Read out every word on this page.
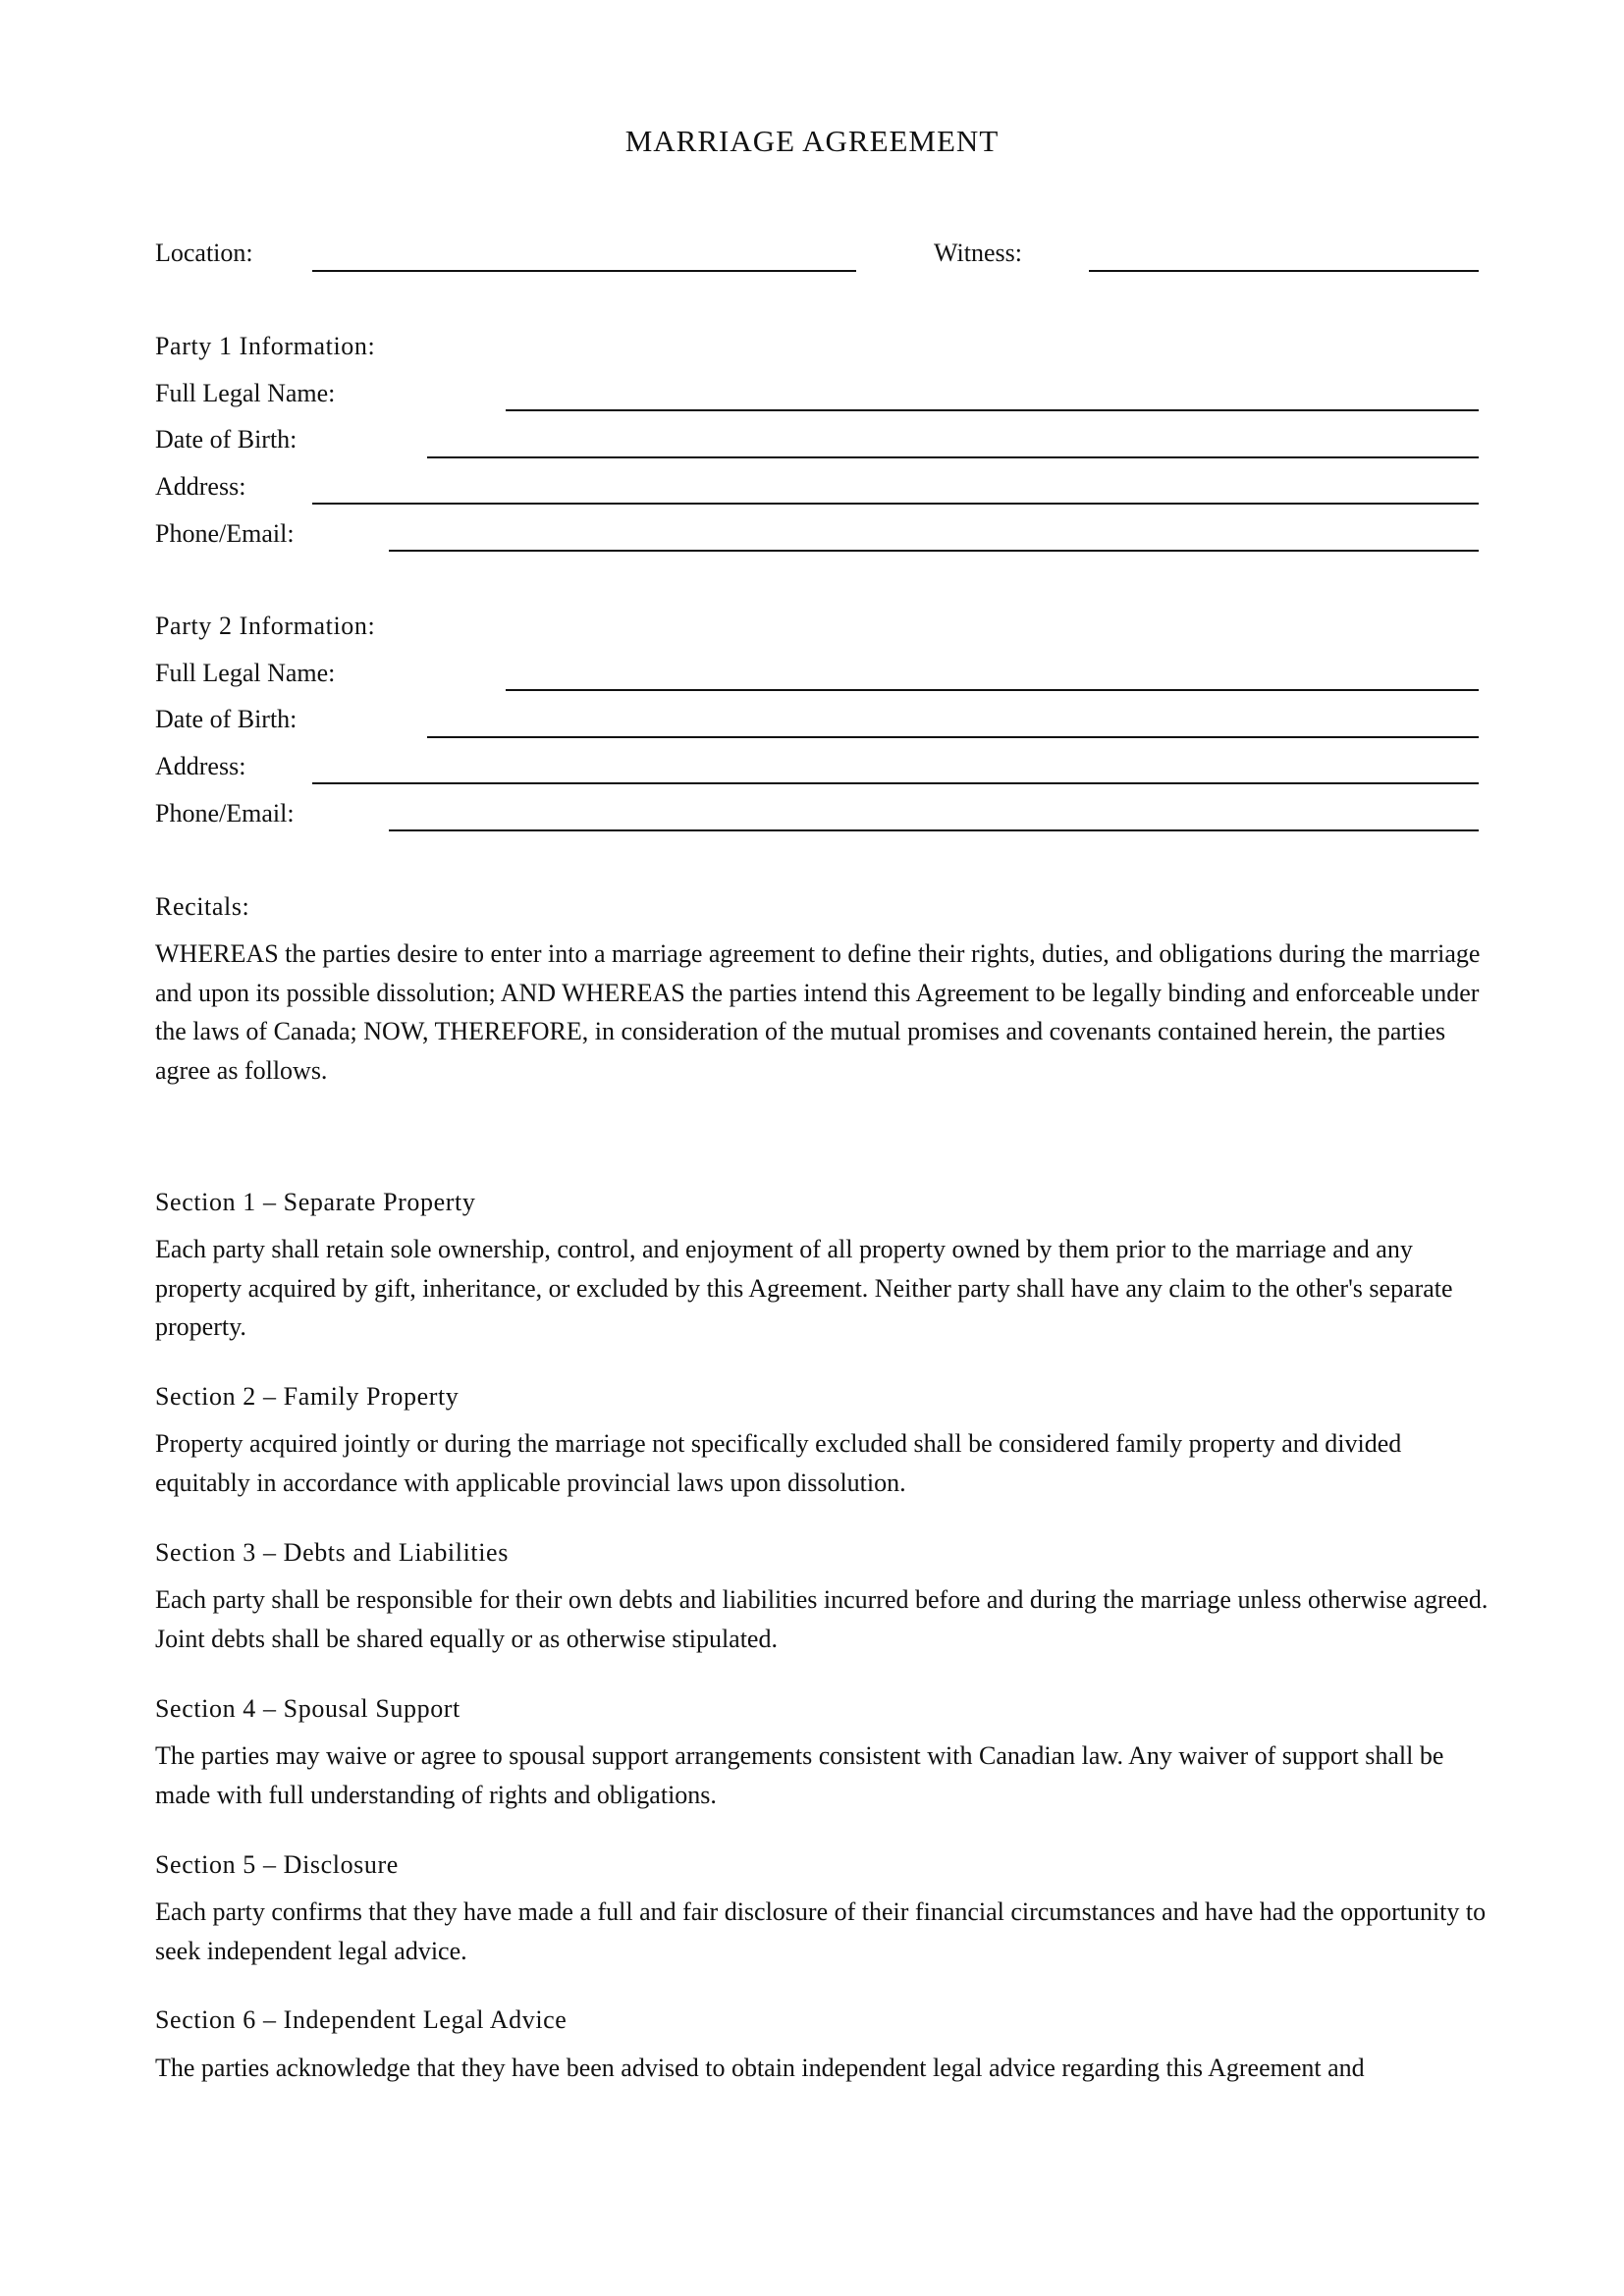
MARRIAGE AGREEMENT
Location:	Witness:
Party 1 Information:
Full Legal Name:
Date of Birth:
Address:
Phone/Email:
Party 2 Information:
Full Legal Name:
Date of Birth:
Address:
Phone/Email:
Recitals:

WHEREAS the parties desire to enter into a marriage agreement to define their rights, duties, and obligations during the marriage and upon its possible dissolution; AND WHEREAS the parties intend this Agreement to be legally binding and enforceable under the laws of Canada; NOW, THEREFORE, in consideration of the mutual promises and covenants contained herein, the parties agree as follows.

Section 1 – Separate Property

Each party shall retain sole ownership, control, and enjoyment of all property owned by them prior to the marriage and any property acquired by gift, inheritance, or excluded by this Agreement. Neither party shall have any claim to the other's separate property.

Section 2 – Family Property

Property acquired jointly or during the marriage not specifically excluded shall be considered family property and divided equitably in accordance with applicable provincial laws upon dissolution.

Section 3 – Debts and Liabilities

Each party shall be responsible for their own debts and liabilities incurred before and during the marriage unless otherwise agreed. Joint debts shall be shared equally or as otherwise stipulated.

Section 4 – Spousal Support

The parties may waive or agree to spousal support arrangements consistent with Canadian law. Any waiver of support shall be made with full understanding of rights and obligations.

Section 5 – Disclosure

Each party confirms that they have made a full and fair disclosure of their financial circumstances and have had the opportunity to seek independent legal advice.

Section 6 – Independent Legal Advice

The parties acknowledge that they have been advised to obtain independent legal advice regarding this Agreement and
